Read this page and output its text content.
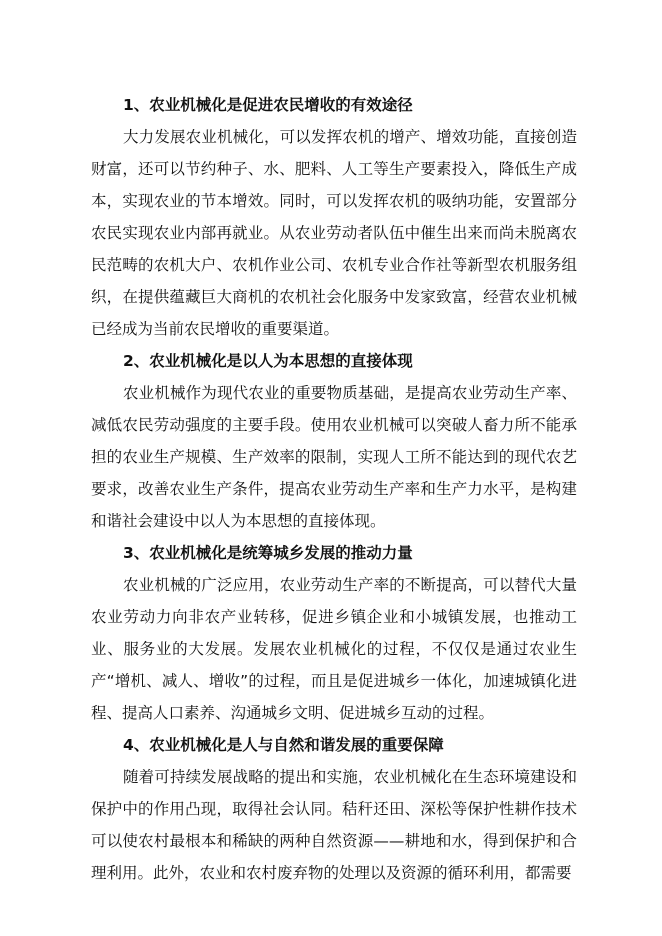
1、农业机械化是促进农民增收的有效途径

大力发展农业机械化，可以发挥农机的增产、增效功能，直接创造财富，还可以节约种子、水、肥料、人工等生产要素投入，降低生产成本，实现农业的节本增效。同时，可以发挥农机的吸纳功能，安置部分农民实现农业内部再就业。从农业劳动者队伍中催生出来而尚未脱离农民范畴的农机大户、农机作业公司、农机专业合作社等新型农机服务组织，在提供蕴藏巨大商机的农机社会化服务中发家致富，经营农业机械已经成为当前农民增收的重要渠道。

2、农业机械化是以人为本思想的直接体现

农业机械作为现代农业的重要物质基础，是提高农业劳动生产率、减低农民劳动强度的主要手段。使用农业机械可以突破人畜力所不能承担的农业生产规模、生产效率的限制，实现人工所不能达到的现代农艺要求，改善农业生产条件，提高农业劳动生产率和生产力水平，是构建和谐社会建设中以人为本思想的直接体现。

3、农业机械化是统筹城乡发展的推动力量

农业机械的广泛应用，农业劳动生产率的不断提高，可以替代大量农业劳动力向非农产业转移，促进乡镇企业和小城镇发展，也推动工业、服务业的大发展。发展农业机械化的过程，不仅仅是通过农业生产“增机、减人、增收”的过程，而且是促进城乡一体化，加速城镇化进程、提高人口素养、沟通城乡文明、促进城乡互动的过程。

4、农业机械化是人与自然和谐发展的重要保障

随着可持续发展战略的提出和实施，农业机械化在生态环境建设和保护中的作用凸现，取得社会认同。秸秆还田、深松等保护性耕作技术可以使农村最根本和稀缺的两种自然资源——耕地和水，得到保护和合理利用。此外，农业和农村废弃物的处理以及资源的循环利用，都需要
